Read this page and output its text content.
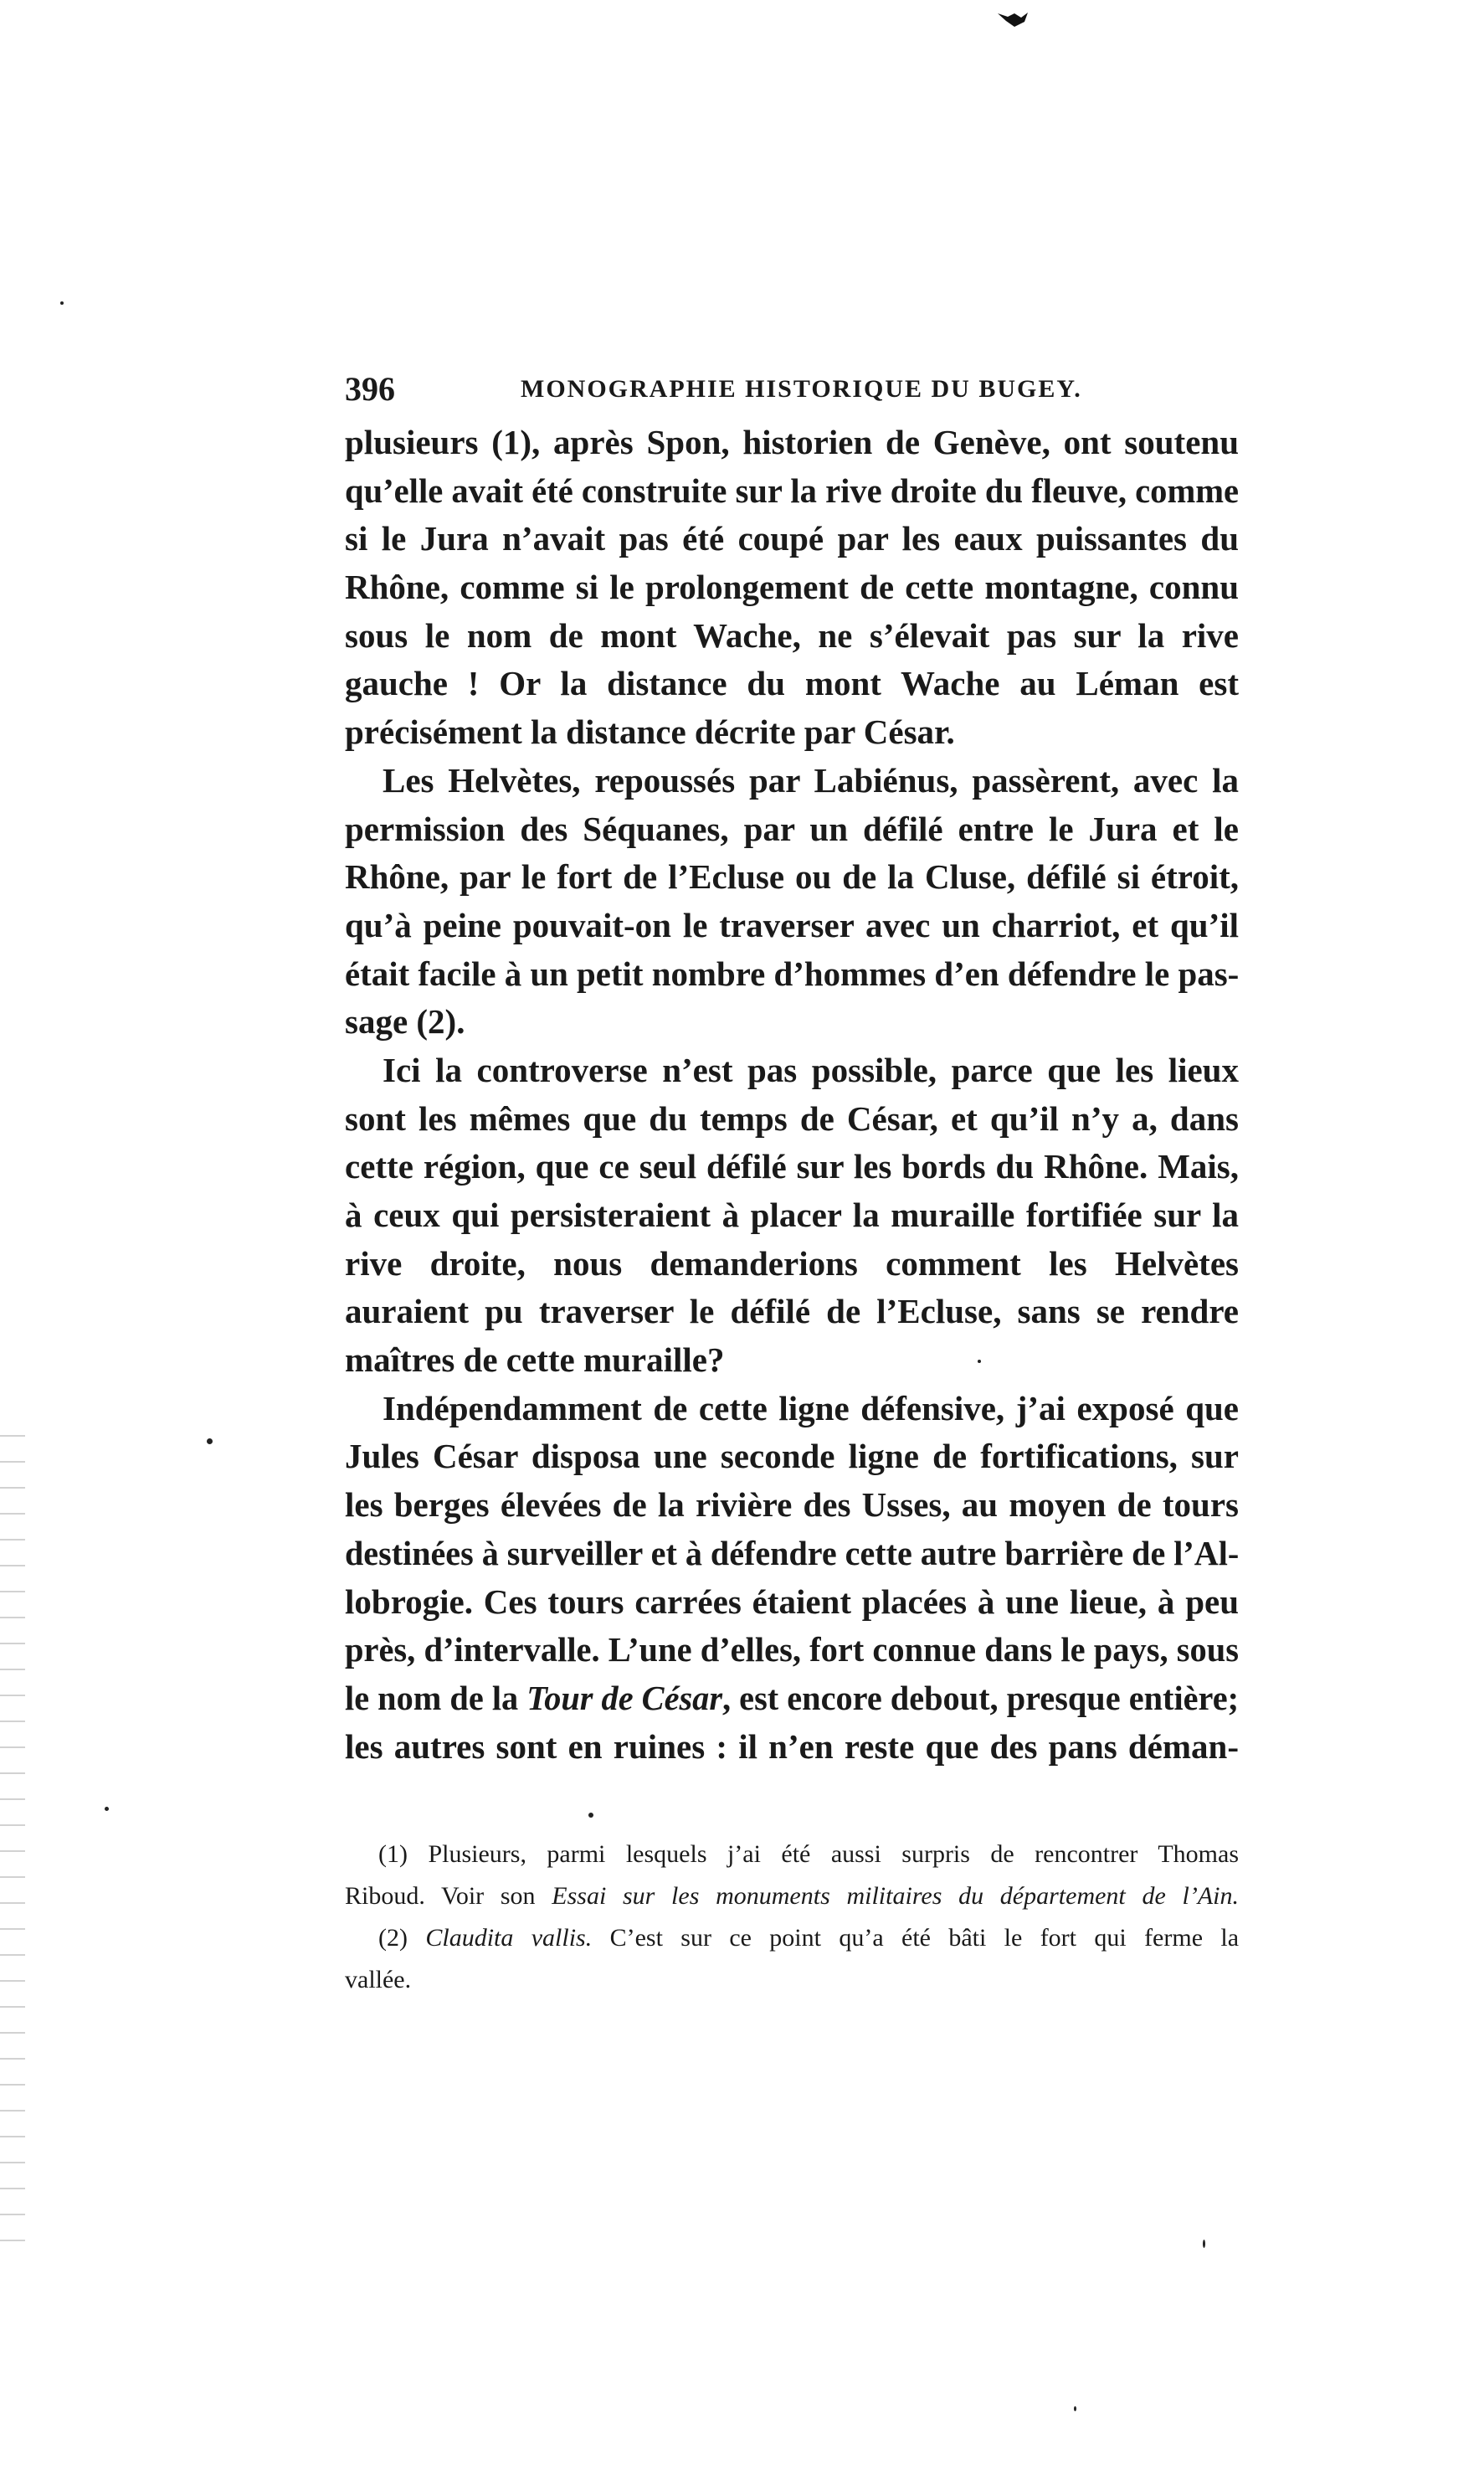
396	MONOGRAPHIE HISTORIQUE DU BUGEY.
plusieurs (1), après Spon, historien de Genève, ont soutenu
qu’elle avait été construite sur la rive droite du fleuve, comme
si le Jura n’avait pas été coupé par les eaux puissantes du
Rhône, comme si le prolongement de cette montagne, connu
sous le nom de mont Wache, ne s’élevait pas sur la rive
gauche ! Or la distance du mont Wache au Léman est
précisément la distance décrite par César.
Les Helvètes, repoussés par Labiénus, passèrent, avec la
permission des Séquanes, par un défilé entre le Jura et le
Rhône, par le fort de l’Ecluse ou de la Cluse, défilé si étroit,
qu’à peine pouvait-on le traverser avec un charriot, et qu’il
était facile à un petit nombre d’hommes d’en défendre le pas-
sage (2).
Ici la controverse n’est pas possible, parce que les lieux
sont les mêmes que du temps de César, et qu’il n’y a, dans
cette région, que ce seul défilé sur les bords du Rhône. Mais,
à ceux qui persisteraient à placer la muraille fortifiée sur la
rive droite, nous demanderions comment les Helvètes
auraient pu traverser le défilé de l’Ecluse, sans se rendre
maîtres de cette muraille?
Indépendamment de cette ligne défensive, j’ai exposé que
Jules César disposa une seconde ligne de fortifications, sur
les berges élevées de la rivière des Usses, au moyen de tours
destinées à surveiller et à défendre cette autre barrière de l’Al-
lobrogie. Ces tours carrées étaient placées à une lieue, à peu
près, d’intervalle. L’une d’elles, fort connue dans le pays, sous
le nom de la Tour de César, est encore debout, presque entière;
les autres sont en ruines : il n’en reste que des pans déman-
(1) Plusieurs, parmi lesquels j’ai été aussi surpris de rencontrer Thomas
Riboud. Voir son Essai sur les monuments militaires du département de l’Ain.
(2) Claudita vallis. C’est sur ce point qu’a été bâti le fort qui ferme la
vallée.
